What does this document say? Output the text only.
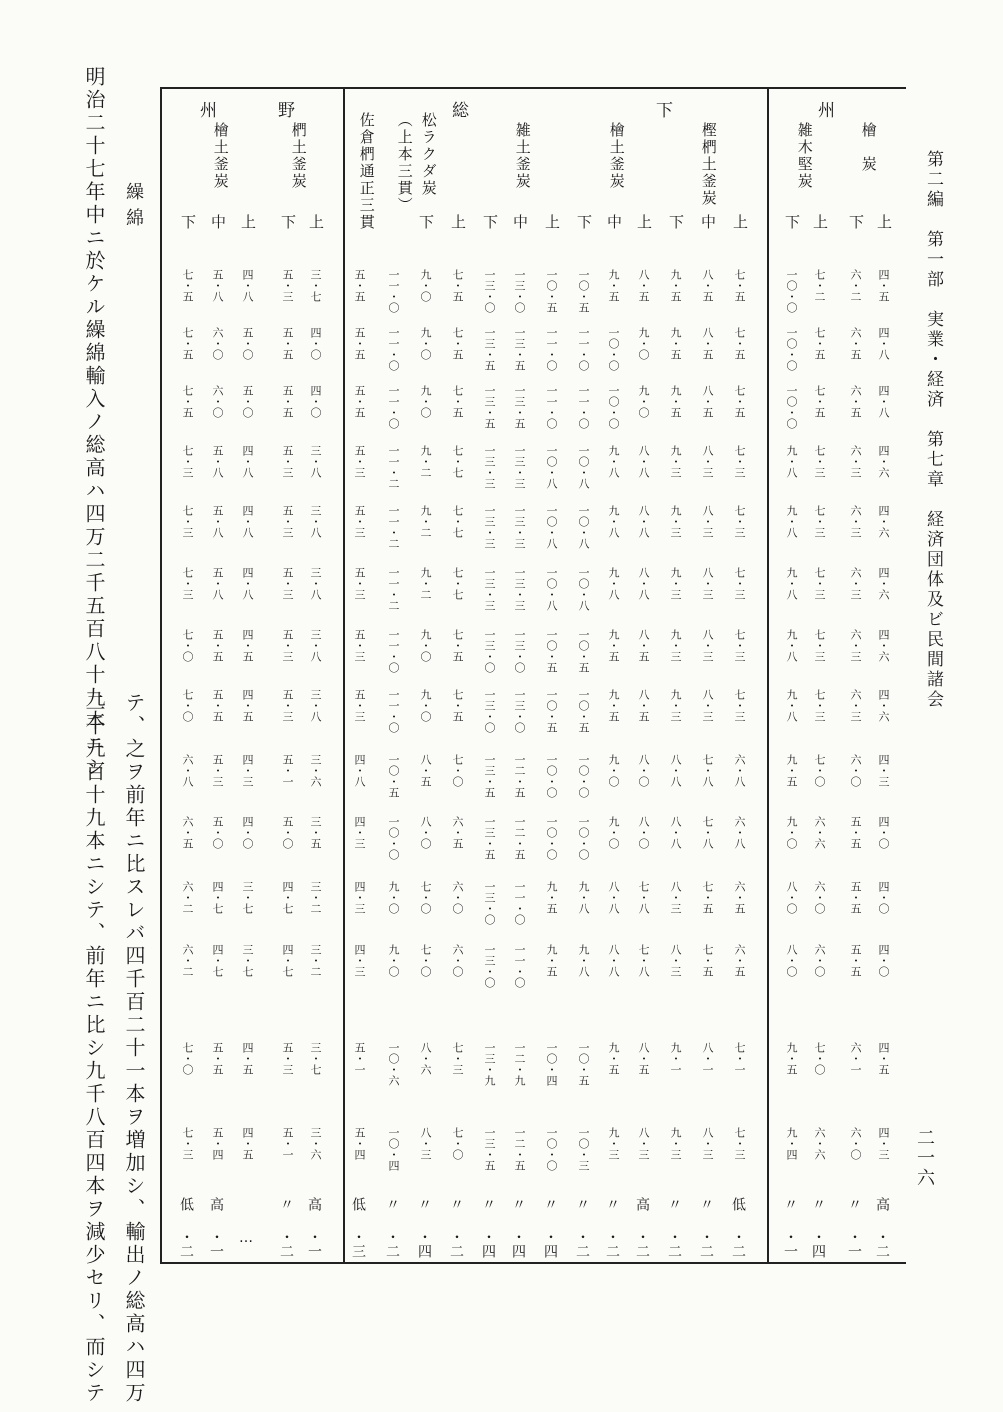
第二編　第一部　実業・経済　第七章　経済団体及ビ民間諸会
二一六
州
野	総	下
州
檜　炭
雑木堅炭
樫椚土釜炭
檜土釜炭
雑土釜炭
松ラクダ炭
（上本三貫）
佐倉椚通正三貫
椚土釜炭
檜土釜炭
上
下
上
下
上
中
下
上
中
下
上
中
下
上
下
上
下
上
中
下
四・五
六・二
七・二
一〇・〇
七・五
八・五
九・五
八・五
九・五
一〇・五
一〇・五
一三・〇
一三・〇
七・五
九・〇
一一・〇
五・五
三・七
五・三
四・八
五・八
七・五
四・八
六・五
七・五
一〇・〇
七・五
八・五
九・五
九・〇
一〇・〇
一一・〇
一一・〇
一三・五
一三・五
七・五
九・〇
一一・〇
五・五
四・〇
五・五
五・〇
六・〇
七・五
四・八
六・五
七・五
一〇・〇
七・五
八・五
九・五
九・〇
一〇・〇
一一・〇
一一・〇
一三・五
一三・五
七・五
九・〇
一一・〇
五・五
四・〇
五・五
五・〇
六・〇
七・五
四・六
六・三
七・三
九・八
七・三
八・三
九・三
八・八
九・八
一〇・八
一〇・八
一三・三
一三・三
七・七
九・二
一一・二
五・三
三・八
五・三
四・八
五・八
七・三
四・六
六・三
七・三
九・八
七・三
八・三
九・三
八・八
九・八
一〇・八
一〇・八
一三・三
一三・三
七・七
九・二
一一・二
五・三
三・八
五・三
四・八
五・八
七・三
四・六
六・三
七・三
九・八
七・三
八・三
九・三
八・八
九・八
一〇・八
一〇・八
一三・三
一三・三
七・七
九・二
一一・二
五・三
三・八
五・三
四・八
五・八
七・三
四・六
六・三
七・三
九・八
七・三
八・三
九・三
八・五
九・五
一〇・五
一〇・五
一三・〇
一三・〇
七・五
九・〇
一一・〇
五・三
三・八
五・三
四・五
五・五
七・〇
四・六
六・三
七・三
九・八
七・三
八・三
九・三
八・五
九・五
一〇・五
一〇・五
一三・〇
一三・〇
七・五
九・〇
一一・〇
五・三
三・八
五・三
四・五
五・五
七・〇
四・三
六・〇
七・〇
九・五
六・八
七・八
八・八
八・〇
九・〇
一〇・〇
一〇・〇
一二・五
一三・五
七・〇
八・五
一〇・五
四・八
三・六
五・一
四・三
五・三
六・八
四・〇
五・五
六・六
九・〇
六・八
七・八
八・八
八・〇
九・〇
一〇・〇
一〇・〇
一二・五
一三・五
六・五
八・〇
一〇・〇
四・三
三・五
五・〇
四・〇
五・〇
六・五
四・〇
五・五
六・〇
八・〇
六・五
七・五
八・三
七・八
八・八
九・八
九・五
一一・〇
一三・〇
六・〇
七・〇
九・〇
四・三
三・二
四・七
三・七
四・七
六・二
四・〇
五・五
六・〇
八・〇
六・五
七・五
八・三
七・八
八・八
九・八
九・五
一一・〇
一三・〇
六・〇
七・〇
九・〇
四・三
三・二
四・七
三・七
四・七
六・二
四・五
六・一
七・〇
九・五
七・一
八・一
九・一
八・五
九・五
一〇・五
一〇・四
一二・九
一三・九
七・三
八・六
一〇・六
五・一
三・七
五・三
四・五
五・五
七・〇
四・三
六・〇
六・六
九・四
七・三
八・三
九・三
八・三
九・三
一〇・三
一〇・〇
一二・五
一三・五
七・〇
八・三
一〇・四
五・四
三・六
五・一
四・五
五・四
七・三
高
〃
〃
〃
低
〃
〃
高
〃
〃
〃
〃
〃
〃
〃
〃
低
高
〃
高
低
・二
・一
・四
・一
・二
・二
・二
・二
・二
・二
・四
・四
・四
・二
・四
・二
・三
・一
・二
…
・一
・二
明治二十七年中ニ於ケル繰綿輸入ノ総高ハ四万二千五百八十九本ニシ 繰綿
テ、之ヲ前年ニ比スレバ四千百二十一本ヲ増加シ、輸出ノ総高ハ四万
二千九百十九本ニシテ、前年ニ比シ九千八百四本ヲ減少セリ、而シテ
